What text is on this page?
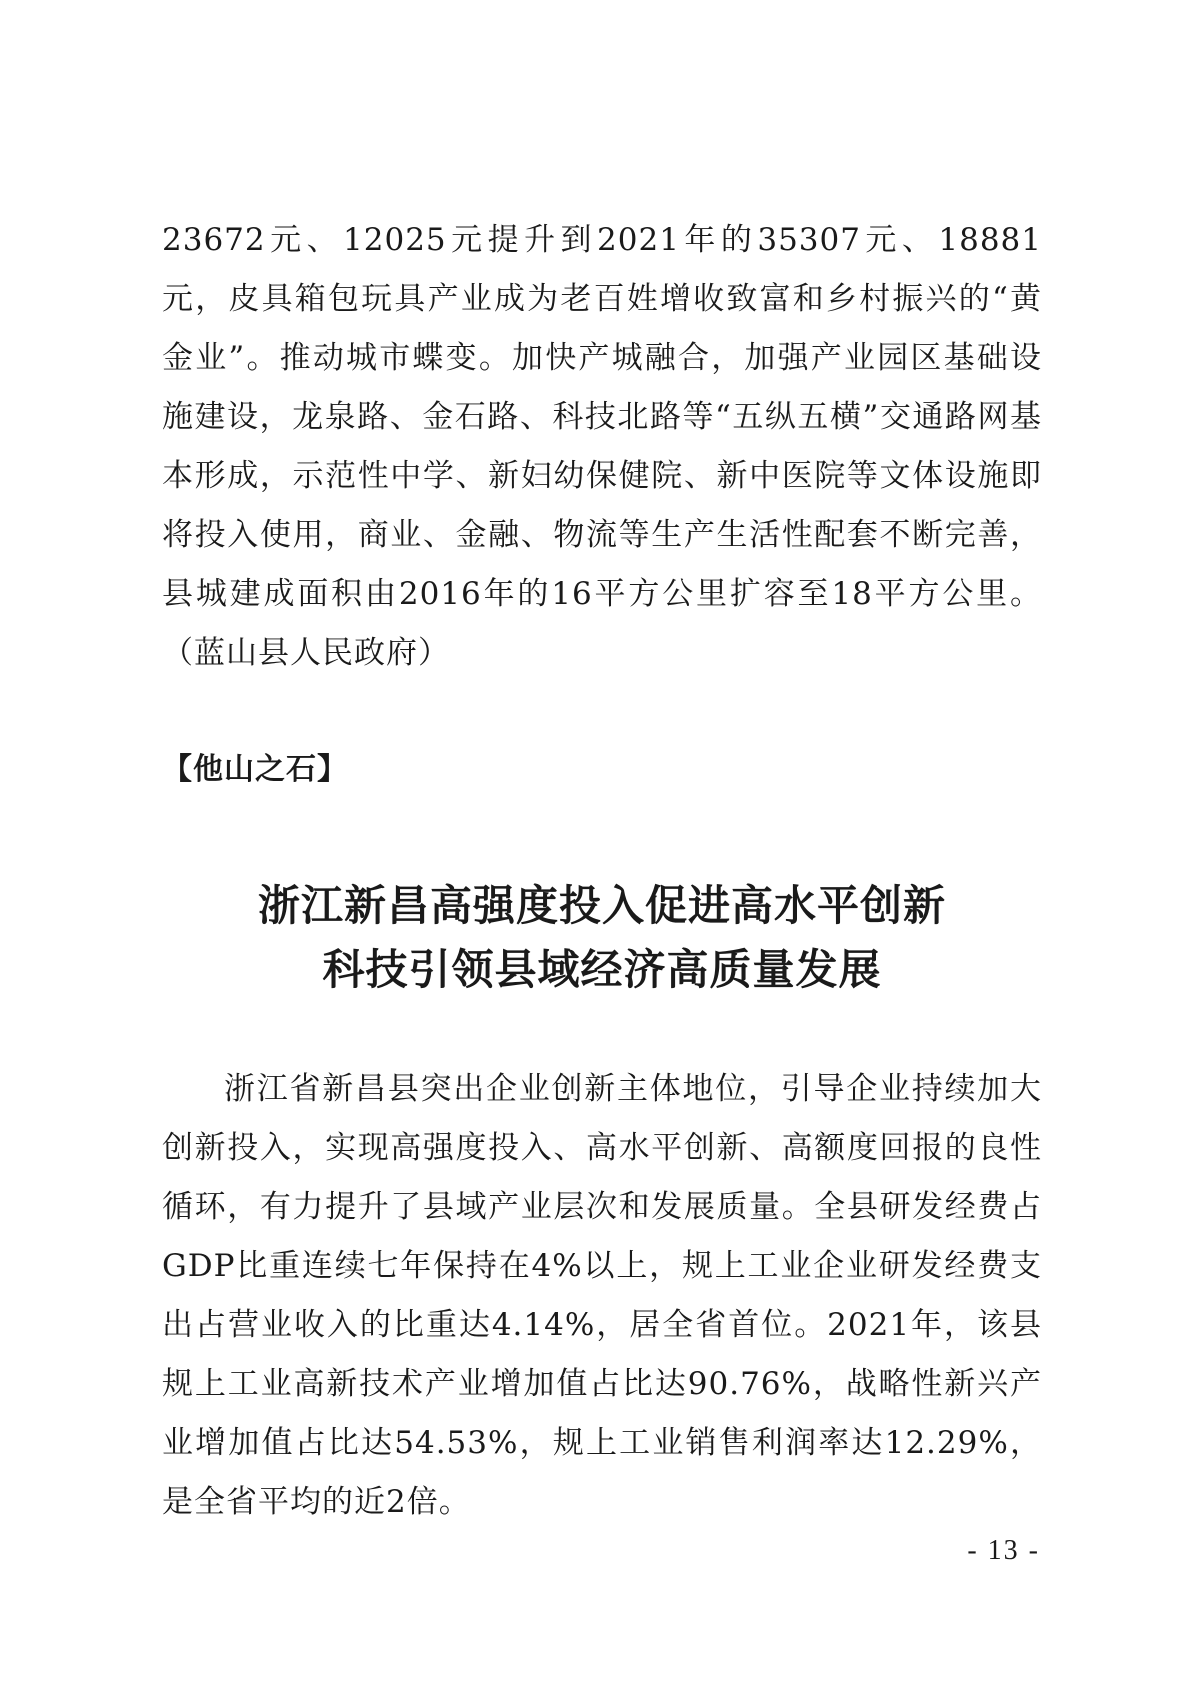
23672元、12025元提升到2021年的35307元、18881元，皮具箱包玩具产业成为老百姓增收致富和乡村振兴的“黄金业”。推动城市蝶变。加快产城融合，加强产业园区基础设施建设，龙泉路、金石路、科技北路等“五纵五横”交通路网基本形成，示范性中学、新妇幼保健院、新中医院等文体设施即将投入使用，商业、金融、物流等生产生活性配套不断完善，县城建成面积由2016年的16平方公里扩容至18平方公里。（蓝山县人民政府）

【他山之石】

浙江新昌高强度投入促进高水平创新
科技引领县域经济高质量发展

浙江省新昌县突出企业创新主体地位，引导企业持续加大创新投入，实现高强度投入、高水平创新、高额度回报的良性循环，有力提升了县域产业层次和发展质量。全县研发经费占GDP比重连续七年保持在4%以上，规上工业企业研发经费支出占营业收入的比重达4.14%，居全省首位。2021年，该县规上工业高新技术产业增加值占比达90.76%，战略性新兴产业增加值占比达54.53%，规上工业销售利润率达12.29%，是全省平均的近2倍。

- 13 -
